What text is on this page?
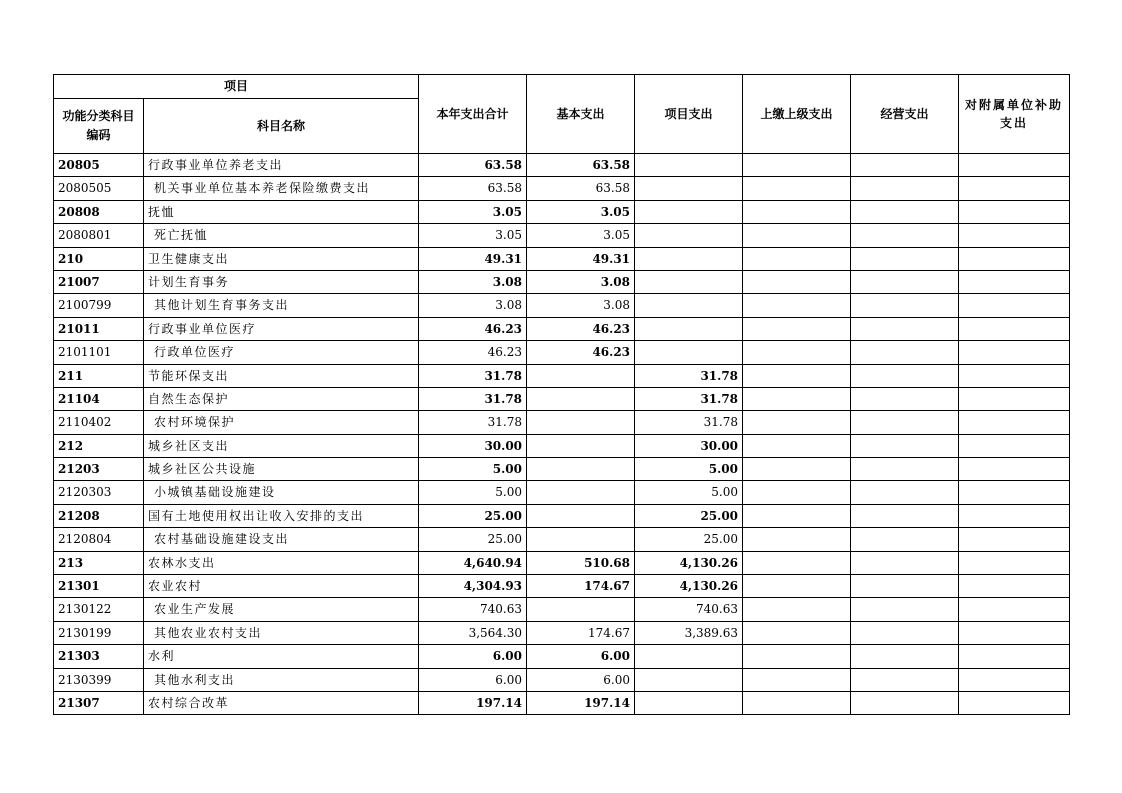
项目		本年支出合计	基本支出	项目支出	上缴上级支出	经营支出	对附属单位补助支出
功能分类科目编码	科目名称						
20805	行政事业单位养老支出	63.58	63.58				
2080505	机关事业单位基本养老保险缴费支出	63.58	63.58				
20808	抚恤	3.05	3.05				
2080801	死亡抚恤	3.05	3.05				
210	卫生健康支出	49.31	49.31				
21007	计划生育事务	3.08	3.08				
2100799	其他计划生育事务支出	3.08	3.08				
21011	行政事业单位医疗	46.23	46.23				
2101101	行政单位医疗	46.23	46.23				
211	节能环保支出	31.78		31.78			
21104	自然生态保护	31.78		31.78			
2110402	农村环境保护	31.78		31.78			
212	城乡社区支出	30.00		30.00			
21203	城乡社区公共设施	5.00		5.00			
2120303	小城镇基础设施建设	5.00		5.00			
21208	国有土地使用权出让收入安排的支出	25.00		25.00			
2120804	农村基础设施建设支出	25.00		25.00			
213	农林水支出	4,640.94	510.68	4,130.26			
21301	农业农村	4,304.93	174.67	4,130.26			
2130122	农业生产发展	740.63		740.63			
2130199	其他农业农村支出	3,564.30	174.67	3,389.63			
21303	水利	6.00	6.00				
2130399	其他水利支出	6.00	6.00				
21307	农村综合改革	197.14	197.14				
